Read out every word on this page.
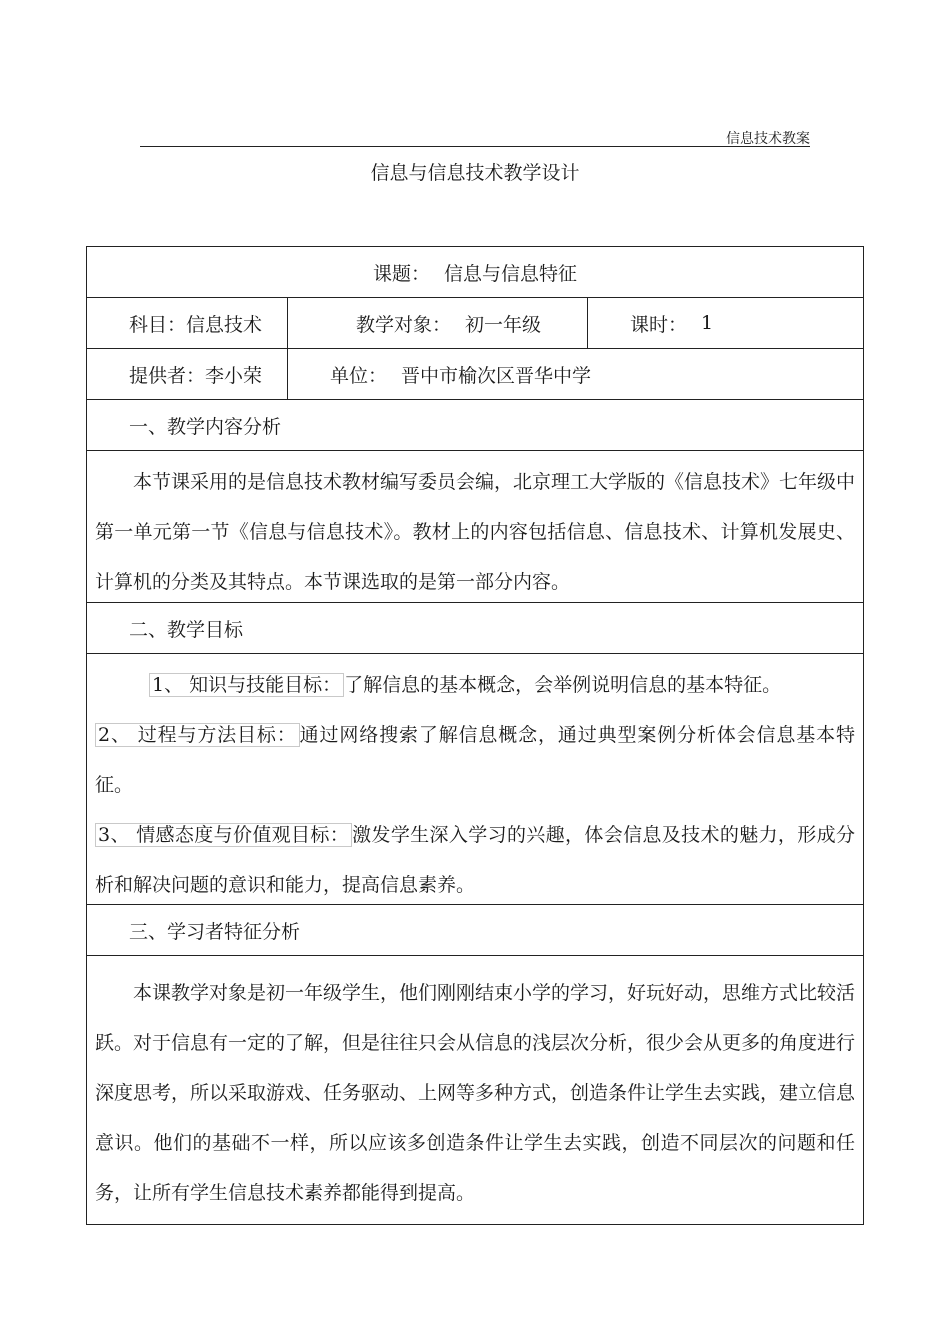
信息技术教案
信息与信息技术教学设计
课题： 信息与信息特征
科目： 信息技术	教学对象： 初一年级	课时： 1
提供者： 李小荣	单位： 晋中市榆次区晋华中学
一、教学内容分析
本节课采用的是信息技术教材编写委员会编，北京理工大学版的《信息技术》七年级中第一单元第一节《信息与信息技术》。教材上的内容包括信息、信息技术、计算机发展史、计算机的分类及其特点。本节课选取的是第一部分内容。
二、教学目标

1、 知识与技能目标： 了解信息的基本概念，会举例说明信息的基本特征。

2、 过程与方法目标： 通过网络搜索了解信息概念，通过典型案例分析体会信息基本特征。

3、 情感态度与价值观目标： 激发学生深入学习的兴趣，体会信息及技术的魅力，形成分析和解决问题的意识和能力，提高信息素养。

三、学习者特征分析
本课教学对象是初一年级学生，他们刚刚结束小学的学习，好玩好动，思维方式比较活跃。对于信息有一定的了解，但是往往只会从信息的浅层次分析，很少会从更多的角度进行深度思考，所以采取游戏、任务驱动、上网等多种方式，创造条件让学生去实践，建立信息意识。他们的基础不一样，所以应该多创造条件让学生去实践，创造不同层次的问题和任务，让所有学生信息技术素养都能得到提高。
